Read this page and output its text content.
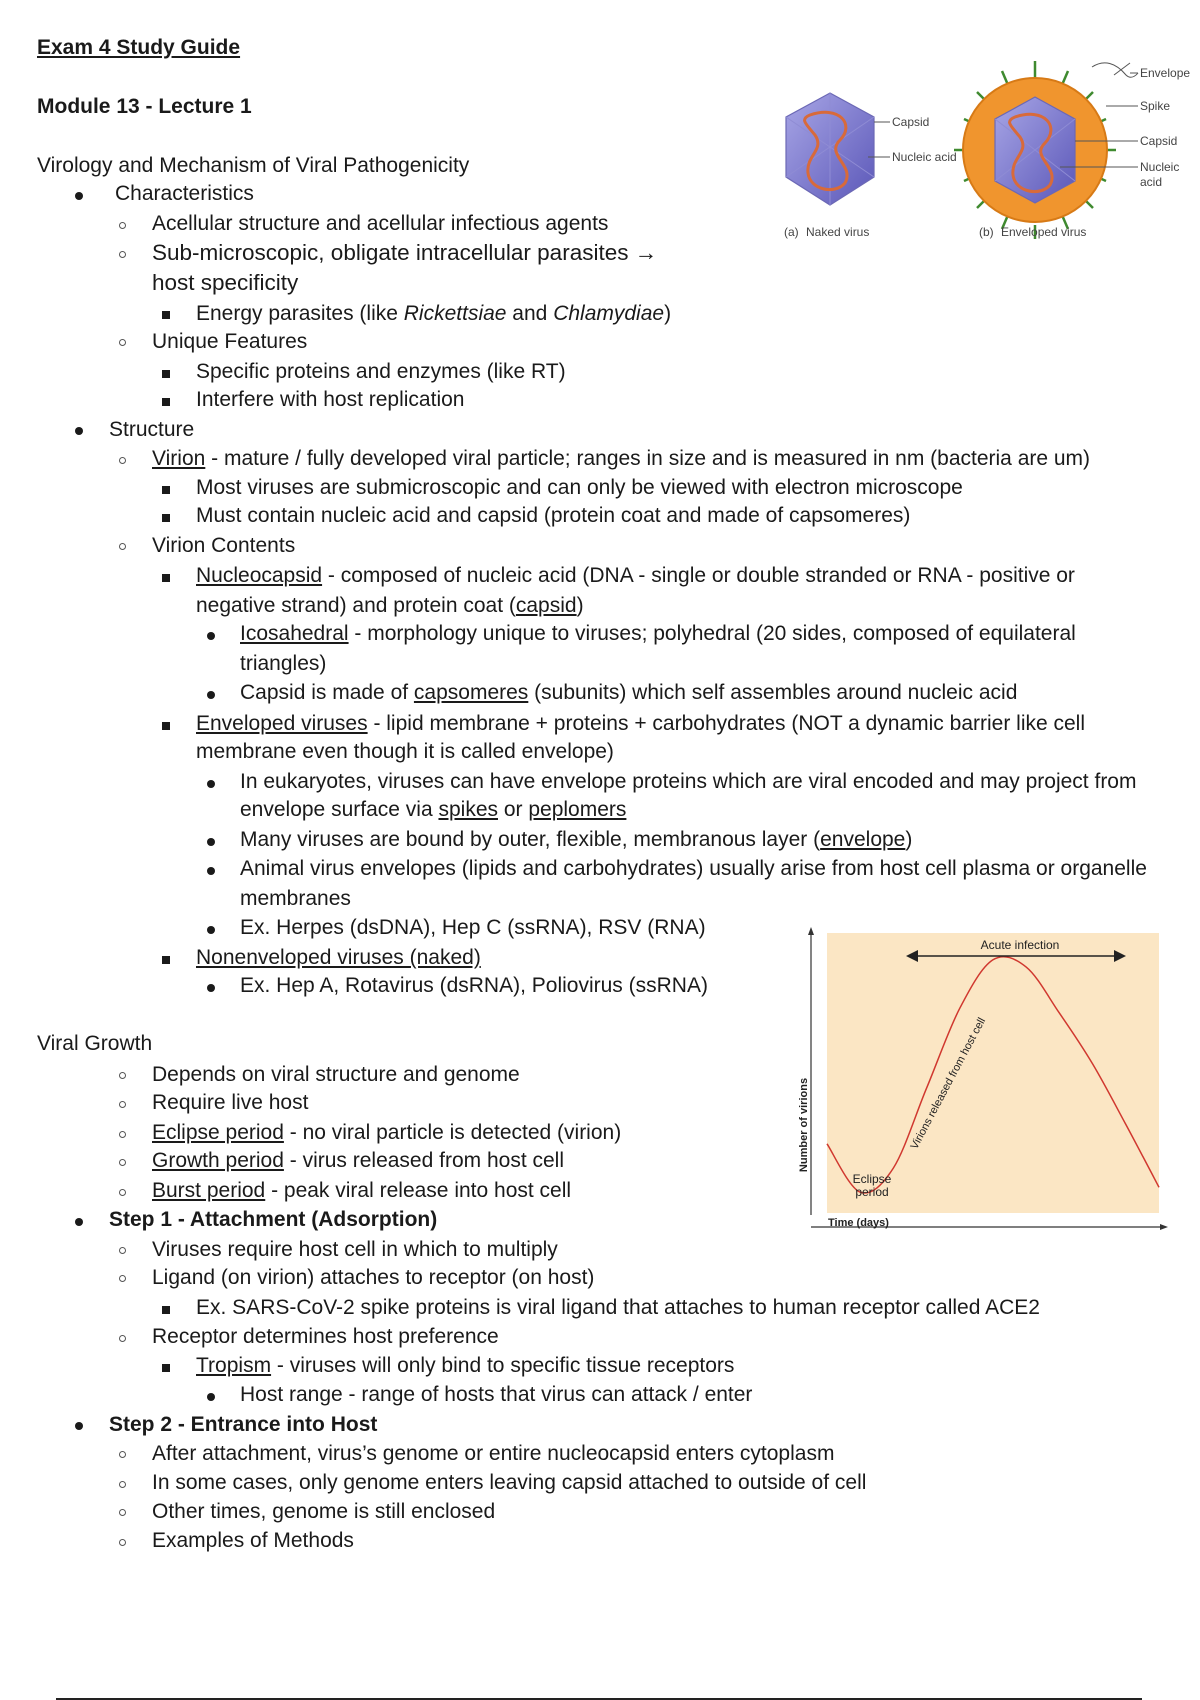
Exam 4 Study Guide
Module 13 - Lecture 1
Virology and Mechanism of Viral Pathogenicity
Characteristics
Acellular structure and acellular infectious agents
Sub-microscopic, obligate intracellular parasites →
host specificity
Energy parasites (like Rickettsiae and Chlamydiae)
Unique Features
Specific proteins and enzymes (like RT)
Interfere with host replication
Structure
Virion - mature / fully developed viral particle; ranges in size and is measured in nm (bacteria are um)
Most viruses are submicroscopic and can only be viewed with electron microscope
Must contain nucleic acid and capsid (protein coat and made of capsomeres)
Virion Contents
Nucleocapsid - composed of nucleic acid (DNA - single or double stranded or RNA - positive or
negative strand) and protein coat (capsid)
Icosahedral - morphology unique to viruses; polyhedral (20 sides, composed of equilateral
triangles)
Capsid is made of capsomeres (subunits) which self assembles around nucleic acid
Enveloped viruses - lipid membrane + proteins + carbohydrates (NOT a dynamic barrier like cell
membrane even though it is called envelope)
In eukaryotes, viruses can have envelope proteins which are viral encoded and may project from
envelope surface via spikes or peplomers
Many viruses are bound by outer, flexible, membranous layer (envelope)
Animal virus envelopes (lipids and carbohydrates) usually arise from host cell plasma or organelle
membranes
Ex. Herpes (dsDNA), Hep C (ssRNA), RSV (RNA)
Nonenveloped viruses (naked)
Ex. Hep A, Rotavirus (dsRNA), Poliovirus (ssRNA)
Viral Growth
Depends on viral structure and genome
Require live host
Eclipse period - no viral particle is detected (virion)
Growth period - virus released from host cell
Burst period - peak viral release into host cell
Step 1 - Attachment (Adsorption)
Viruses require host cell in which to multiply
Ligand (on virion) attaches to receptor (on host)
Ex. SARS-CoV-2 spike proteins is viral ligand that attaches to human receptor called ACE2
Receptor determines host preference
Tropism - viruses will only bind to specific tissue receptors
Host range - range of hosts that virus can attack / enter
Step 2 - Entrance into Host
After attachment, virus’s genome or entire nucleocapsid enters cytoplasm
In some cases, only genome enters leaving capsid attached to outside of cell
Other times, genome is still enclosed
Examples of Methods
Capsid
Nucleic acid
(a) Naked virus
Envelope
Spike
Capsid
Nucleic
acid
(b) Enveloped virus
Acute infection
Virions released from host cell
Eclipse
period
Number of virions
Time (days)
